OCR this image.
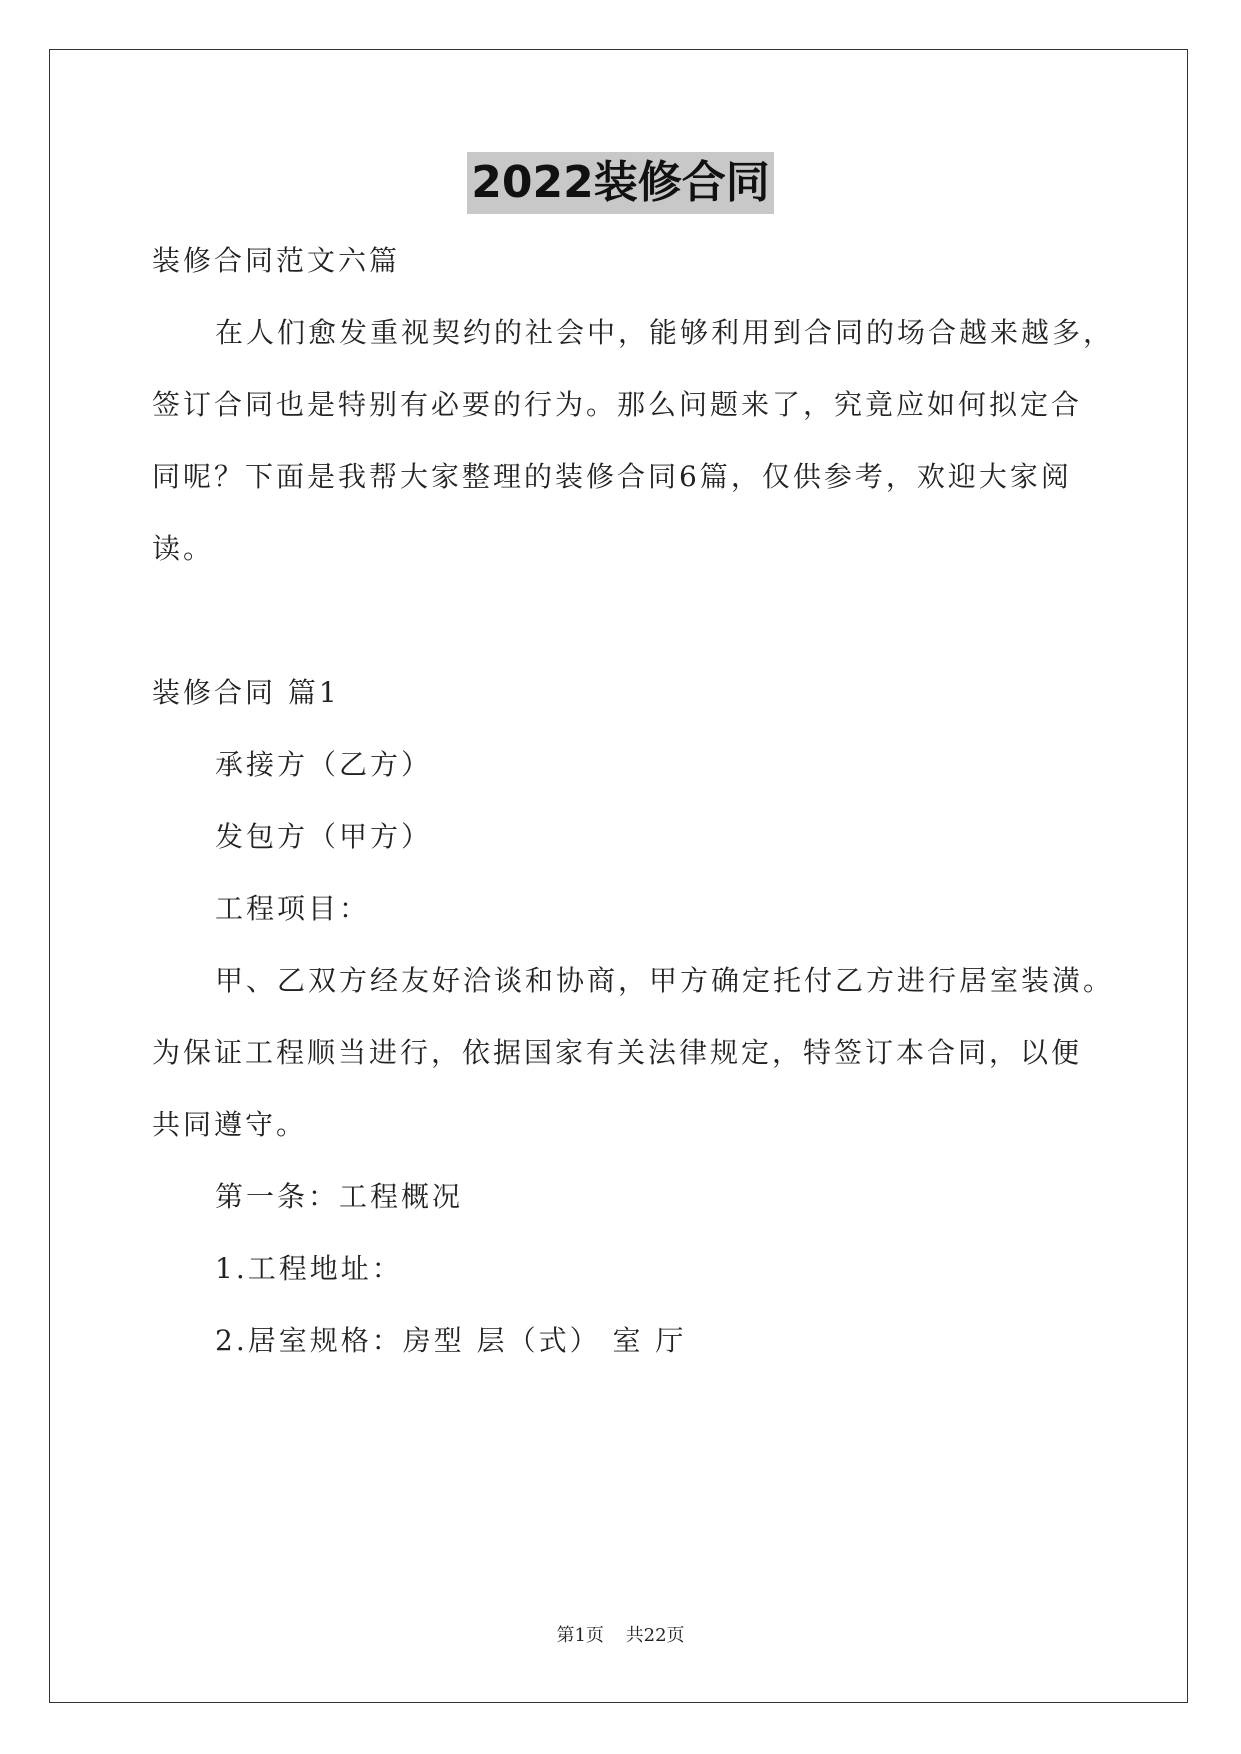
2022装修合同
装修合同范文六篇
在人们愈发重视契约的社会中，能够利用到合同的场合越来越多，
签订合同也是特别有必要的行为。那么问题来了，究竟应如何拟定合
同呢？下面是我帮大家整理的装修合同6篇，仅供参考，欢迎大家阅
读。
装修合同 篇1
承接方（乙方）
发包方（甲方）
工程项目：
甲、乙双方经友好洽谈和协商，甲方确定托付乙方进行居室装潢。
为保证工程顺当进行，依据国家有关法律规定，特签订本合同，以便
共同遵守。
第一条：工程概况
1.工程地址：
2.居室规格：房型 层（式） 室 厅
第1页 共22页
